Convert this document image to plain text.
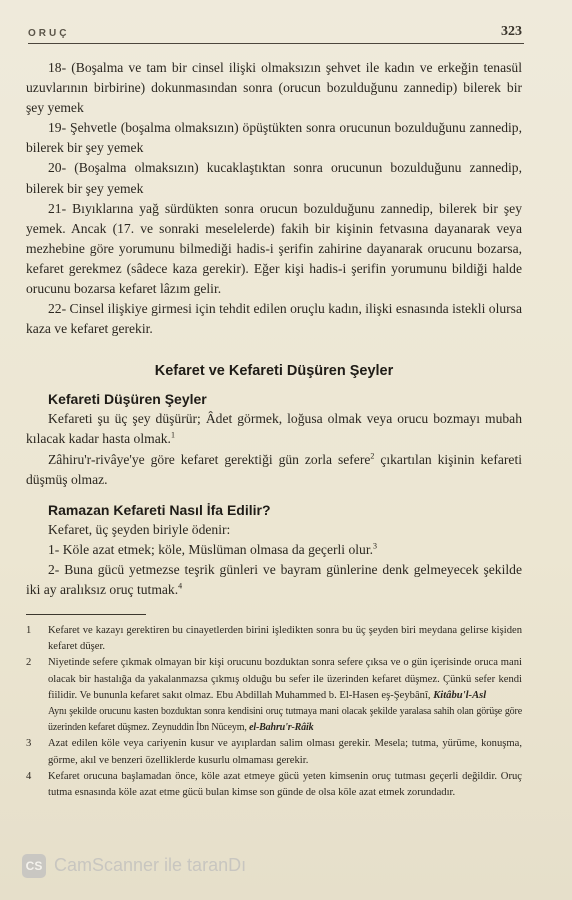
ORUÇ	323

18- (Boşalma ve tam bir cinsel ilişki olmaksızın şehvet ile kadın ve erkeğin tenasül uzuvlarının birbirine) dokunmasından sonra (orucun bozulduğunu zannedip) bilerek bir şey yemek

19- Şehvetle (boşalma olmaksızın) öpüştükten sonra orucunun bozulduğunu zannedip, bilerek bir şey yemek

20- (Boşalma olmaksızın) kucaklaştıktan sonra orucunun bozulduğunu zannedip, bilerek bir şey yemek

21- Bıyıklarına yağ sürdükten sonra orucun bozulduğunu zannedip, bilerek bir şey yemek. Ancak (17. ve sonraki meselelerde) fakih bir kişinin fetvasına dayanarak veya mezhebine göre yorumunu bilmediği hadis-i şerifin zahirine dayanarak orucunu bozarsa, kefaret gerekmez (sâdece kaza gerekir). Eğer kişi hadis-i şerifin yorumunu bildiği halde orucunu bozarsa kefaret lâzım gelir.

22- Cinsel ilişkiye girmesi için tehdit edilen oruçlu kadın, ilişki esnasında istekli olursa kaza ve kefaret gerekir.

Kefaret ve Kefareti Düşüren Şeyler
Kefareti Düşüren Şeyler

Kefareti şu üç şey düşürür; Âdet görmek, loğusa olmak veya orucu bozmayı mubah kılacak kadar hasta olmak.$^1$

Zâhiru'r-rivâye'ye göre kefaret gerektiği gün zorla sefere$^2$ çıkartılan kişinin kefareti düşmüş olmaz.

Ramazan Kefareti Nasıl İfa Edilir?

Kefaret, üç şeyden biriyle ödenir:

1- Köle azat etmek; köle, Müslüman olmasa da geçerli olur.$^3$

2- Buna gücü yetmezse teşrik günleri ve bayram günlerine denk gelmeyecek şekilde iki ay aralıksız oruç tutmak.$^4$

1 Kefaret ve kazayı gerektiren bu cinayetlerden birini işledikten sonra bu üç şeyden biri meydana gelirse kişiden kefaret düşer.

2 Niyetinde sefere çıkmak olmayan bir kişi orucunu bozduktan sonra sefere çıksa ve o gün içerisinde oruca mani olacak bir hastalığa da yakalanmazsa çıkmış olduğu bu sefer ile üzerinden kefaret düşmez. Çünkü sefer kendi fiilidir. Ve bununla kefaret sakıt olmaz. Ebu Abdillah Muhammed b. El-Hasen eş-Şeybânî, Kitâbu'l-Asl
Aynı şekilde orucunu kasten bozduktan sonra kendisini oruç tutmaya mani olacak şekilde yaralasa sahih olan görüşe göre üzerinden kefaret düşmez. Zeynuddin İbn Nüceym, el-Bahru'r-Râik

3 Azat edilen köle veya cariyenin kusur ve ayıplardan salim olması gerekir. Mesela; tutma, yürüme, konuşma, görme, akıl ve benzeri özelliklerde kusurlu olmaması gerekir.

4 Kefaret orucuna başlamadan önce, köle azat etmeye gücü yeten kimsenin oruç tutması geçerli değildir. Oruç tutma esnasında köle azat etme gücü bulan kimse son günde de olsa köle azat etmek zorundadır.

CS CamScanner ile taranDı
